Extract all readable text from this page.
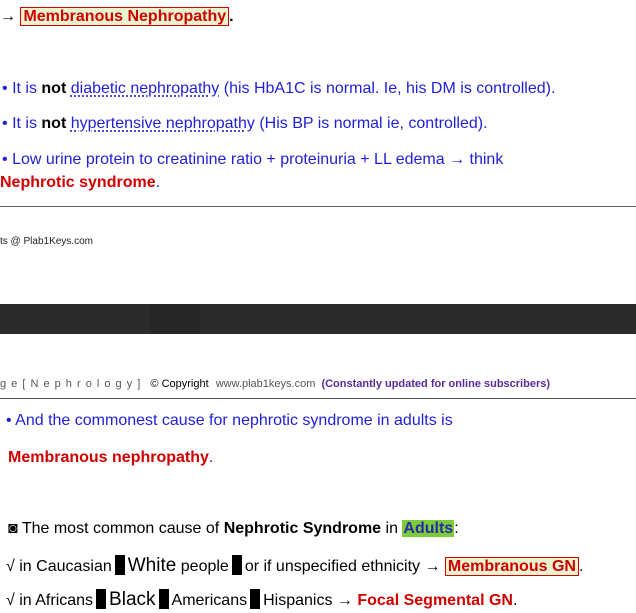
→ Membranous Nephropathy .
• It is not diabetic nephropathy (his HbA1C is normal. Ie, his DM is controlled).
• It is not hypertensive nephropathy (His BP is normal ie, controlled).
• Low urine protein to creatinine ratio + proteinuria + LL edema → think
Nephrotic syndrome.
ts @ Plab1Keys.com
g e [ N e p h r o l o g y ] © Copyright www.plab1keys.com (Constantly updated for online subscribers)
• And the commonest cause for nephrotic syndrome in adults is
Membranous nephropathy.
◙ The most common cause of Nephrotic Syndrome in Adults:
√ in Caucasian White people or if unspecified ethnicity → Membranous GN .
√ in Africans Black Americans Hispanics → Focal Segmental GN.
